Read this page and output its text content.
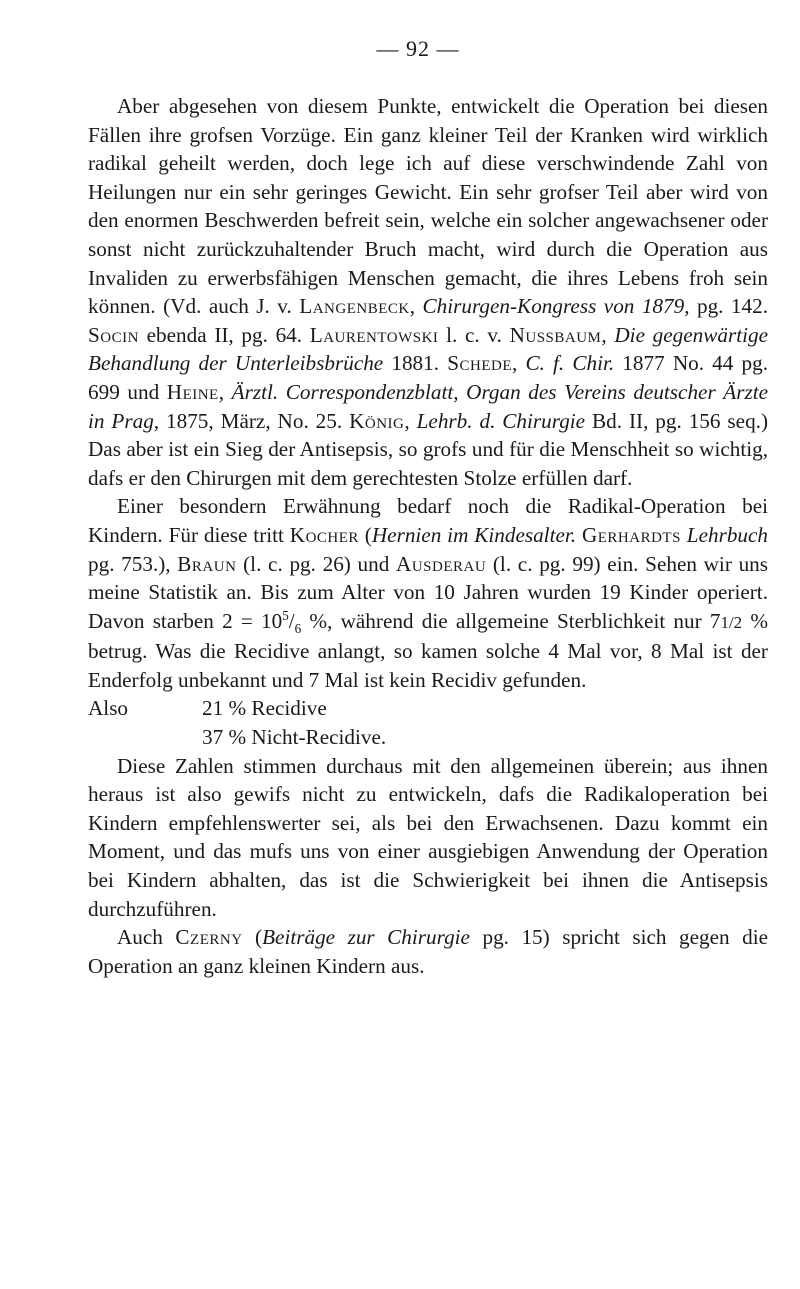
— 92 —

Aber abgesehen von diesem Punkte, entwickelt die Operation bei diesen Fällen ihre grofsen Vorzüge. Ein ganz kleiner Teil der Kranken wird wirklich radikal geheilt werden, doch lege ich auf diese verschwindende Zahl von Heilungen nur ein sehr geringes Gewicht. Ein sehr grofser Teil aber wird von den enormen Beschwerden befreit sein, welche ein solcher angewachsener oder sonst nicht zurückzuhaltender Bruch macht, wird durch die Operation aus Invaliden zu erwerbsfähigen Menschen gemacht, die ihres Lebens froh sein können. (Vd. auch J. v. Langenbeck, Chirurgen-Kongress von 1879, pg. 142. Socin ebenda II, pg. 64. Laurentowski l. c. v. Nussbaum, Die gegenwärtige Behandlung der Unterleibsbrüche 1881. Schede, C. f. Chir. 1877 No. 44 pg. 699 und Heine, Ärztl. Correspondenzblatt, Organ des Vereins deutscher Ärzte in Prag, 1875, März, No. 25. König, Lehrb. d. Chirurgie Bd. II, pg. 156 seq.) Das aber ist ein Sieg der Antisepsis, so grofs und für die Menschheit so wichtig, dafs er den Chirurgen mit dem gerechtesten Stolze erfüllen darf.

Einer besondern Erwähnung bedarf noch die Radikal-Operation bei Kindern. Für diese tritt Kocher (Hernien im Kindesalter. Gerhardts Lehrbuch pg. 753.), Braun (l. c. pg. 26) und Ausderau (l. c. pg. 99) ein. Sehen wir uns meine Statistik an. Bis zum Alter von 10 Jahren wurden 19 Kinder operiert. Davon starben $2 = 10^5/_6$ %, während die allgemeine Sterblichkeit nur 71/2 % betrug. Was die Recidive anlangt, so kamen solche 4 Mal vor, 8 Mal ist der Enderfolg unbekannt und 7 Mal ist kein Recidiv gefunden.

Also	21 % Recidive

37 % Nicht-Recidive.

Diese Zahlen stimmen durchaus mit den allgemeinen überein; aus ihnen heraus ist also gewifs nicht zu entwickeln, dafs die Radikaloperation bei Kindern empfehlenswerter sei, als bei den Erwachsenen. Dazu kommt ein Moment, und das mufs uns von einer ausgiebigen Anwendung der Operation bei Kindern abhalten, das ist die Schwierigkeit bei ihnen die Antisepsis durchzuführen.

Auch Czerny (Beiträge zur Chirurgie pg. 15) spricht sich gegen die Operation an ganz kleinen Kindern aus.
